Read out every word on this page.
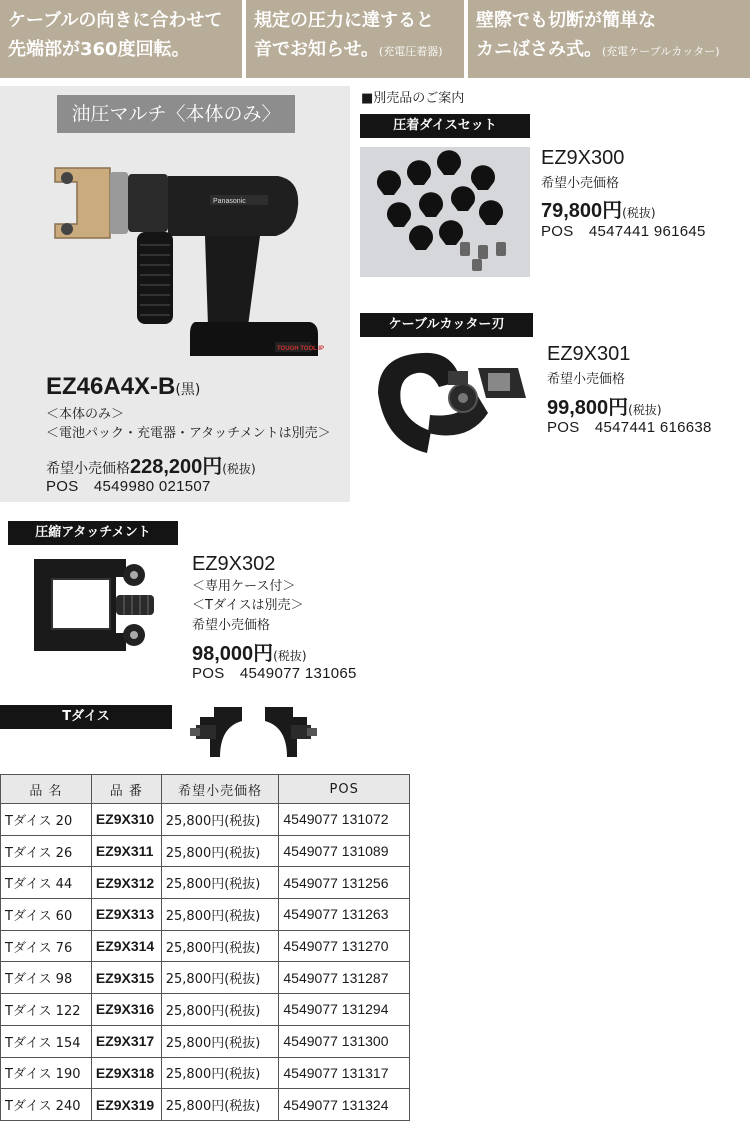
ケーブルの向きに合わせて
先端部が360度回転。
規定の圧力に達すると
音でお知らせ。(充電圧着器)
壁際でも切断が簡単な
カニばさみ式。(充電ケーブルカッター)
油圧マルチ〈本体のみ〉
Panasonic
TOUGH TOOL IP
EZ46A4X-B(黒)
＜本体のみ＞
＜電池パック・充電器・アタッチメントは別売＞
希望小売価格228,200円(税抜)
POS　4549980 021507
■別売品のご案内
圧着ダイスセット
EZ9X300
希望小売価格
79,800円(税抜)
POS　4547441 961645
ケーブルカッター刃
EZ9X301
希望小売価格
99,800円(税抜)
POS　4547441 616638
圧縮アタッチメント
EZ9X302
＜専用ケース付＞
＜Tダイスは別売＞
希望小売価格
98,000円(税抜)
POS　4549077 131065
Tダイス
品 名	品 番	希望小売価格	POS
Tダイス 20	EZ9X310	25,800円(税抜)	4549077 131072
Tダイス 26	EZ9X311	25,800円(税抜)	4549077 131089
Tダイス 44	EZ9X312	25,800円(税抜)	4549077 131256
Tダイス 60	EZ9X313	25,800円(税抜)	4549077 131263
Tダイス 76	EZ9X314	25,800円(税抜)	4549077 131270
Tダイス 98	EZ9X315	25,800円(税抜)	4549077 131287
Tダイス 122	EZ9X316	25,800円(税抜)	4549077 131294
Tダイス 154	EZ9X317	25,800円(税抜)	4549077 131300
Tダイス 190	EZ9X318	25,800円(税抜)	4549077 131317
Tダイス 240	EZ9X319	25,800円(税抜)	4549077 131324
